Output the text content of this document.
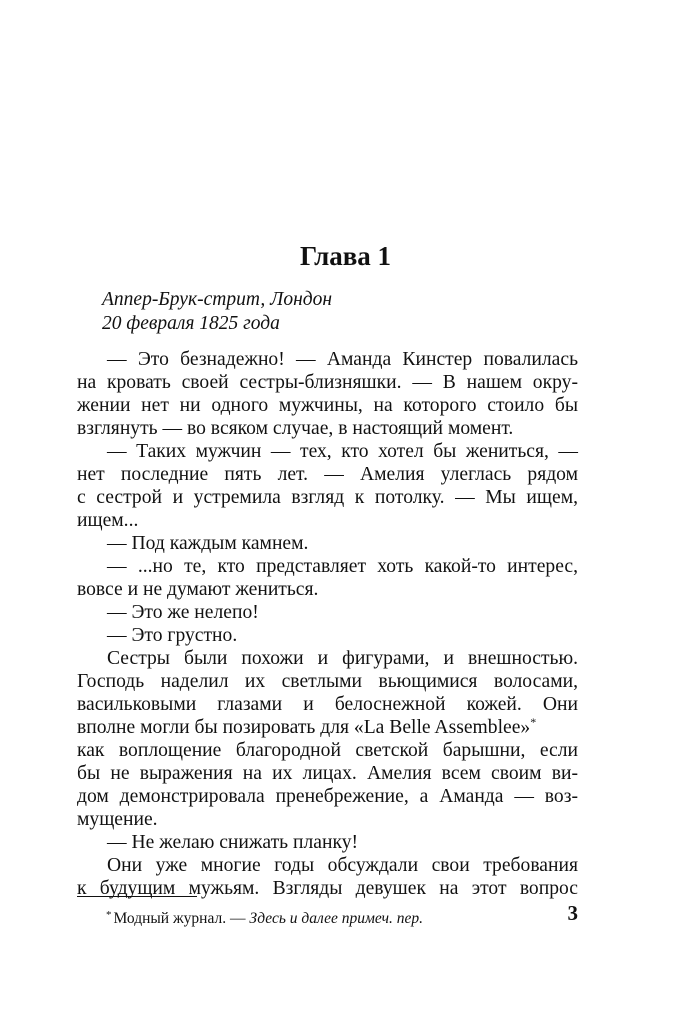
Глава 1
Аппер-Брук-стрит, Лондон
20 февраля 1825 года
— Это безнадежно! — Аманда Кинстер повалилась
на кровать своей сестры-близняшки. — В нашем окру-
жении нет ни одного мужчины, на которого стоило бы
взглянуть — во всяком случае, в настоящий момент.
— Таких мужчин — тех, кто хотел бы жениться, —
нет последние пять лет. — Амелия улеглась рядом
с сестрой и устремила взгляд к потолку. — Мы ищем,
ищем...
— Под каждым камнем.
— ...но те, кто представляет хоть какой-то интерес,
вовсе и не думают жениться.
— Это же нелепо!
— Это грустно.
Сестры были похожи и фигурами, и внешностью.
Господь наделил их светлыми вьющимися волосами,
васильковыми глазами и белоснежной кожей. Они
вполне могли бы позировать для «La Belle Assemblee»*
как воплощение благородной светской барышни, если
бы не выражения на их лицах. Амелия всем своим ви-
дом демонстрировала пренебрежение, а Аманда — воз-
мущение.
— Не желаю снижать планку!
Они уже многие годы обсуждали свои требования
к будущим мужьям. Взгляды девушек на этот вопрос
* Модный журнал. — Здесь и далее примеч. пер.	3
